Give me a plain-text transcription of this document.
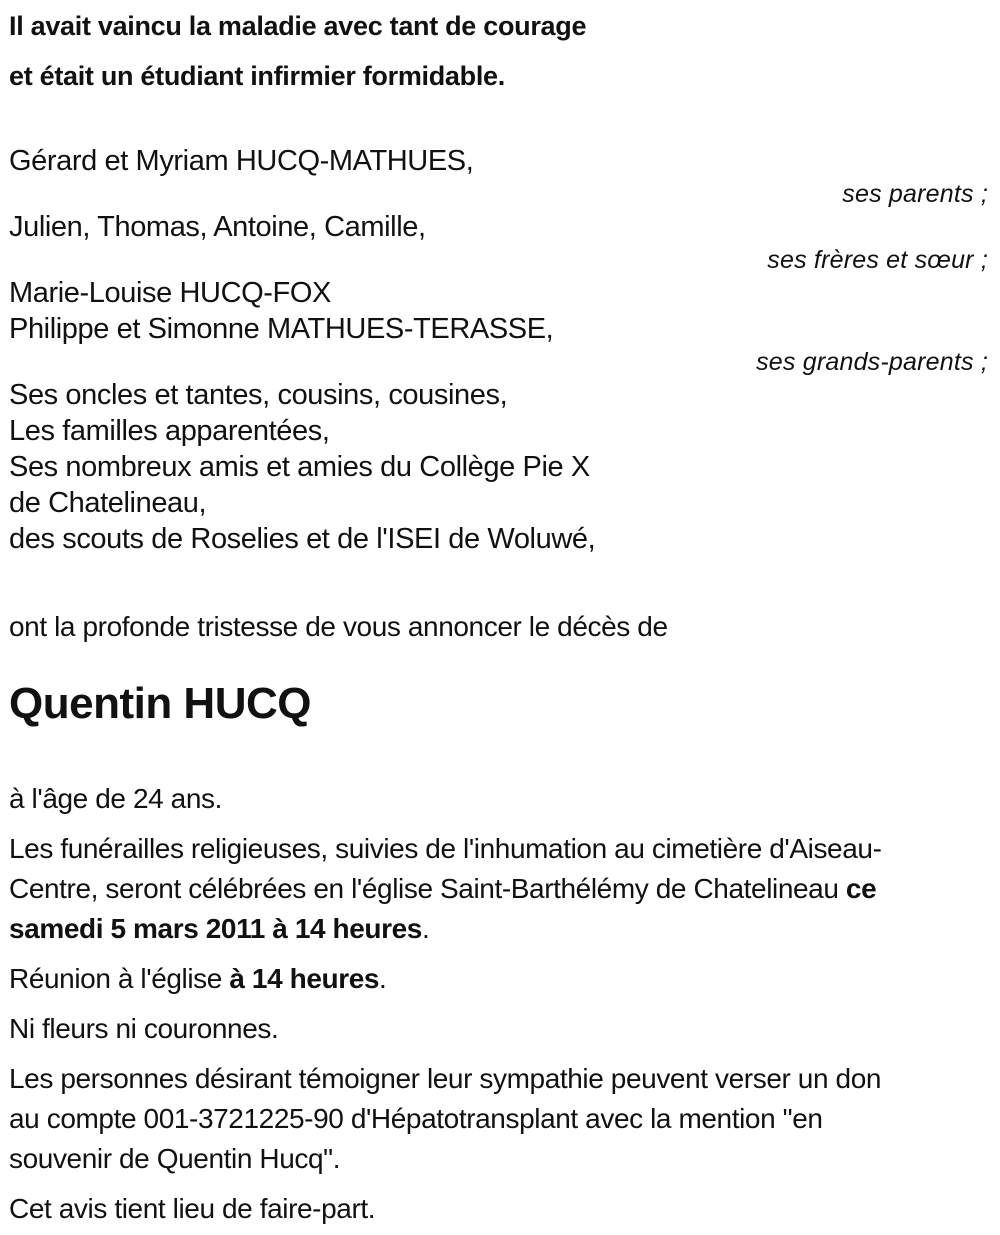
Il avait vaincu la maladie avec tant de courage
et était un étudiant infirmier formidable.
Gérard et Myriam HUCQ-MATHUES,
ses parents ;
Julien, Thomas, Antoine, Camille,
ses frères et sœur ;
Marie-Louise HUCQ-FOX
Philippe et Simonne MATHUES-TERASSE,
ses grands-parents ;
Ses oncles et tantes, cousins, cousines,
Les familles apparentées,
Ses nombreux amis et amies du Collège Pie X
de Chatelineau,
des scouts de Roselies et de l'ISEI de Woluwé,
ont la profonde tristesse de vous annoncer le décès de
Quentin HUCQ
à l'âge de 24 ans.
Les funérailles religieuses, suivies de l'inhumation au cimetière d'Aiseau-
Centre, seront célébrées en l'église Saint-Barthélémy de Chatelineau ce
samedi 5 mars 2011 à 14 heures.
Réunion à l'église à 14 heures.
Ni fleurs ni couronnes.
Les personnes désirant témoigner leur sympathie peuvent verser un don
au compte 001-3721225-90 d'Hépatotransplant avec la mention "en
souvenir de Quentin Hucq".
Cet avis tient lieu de faire-part.
